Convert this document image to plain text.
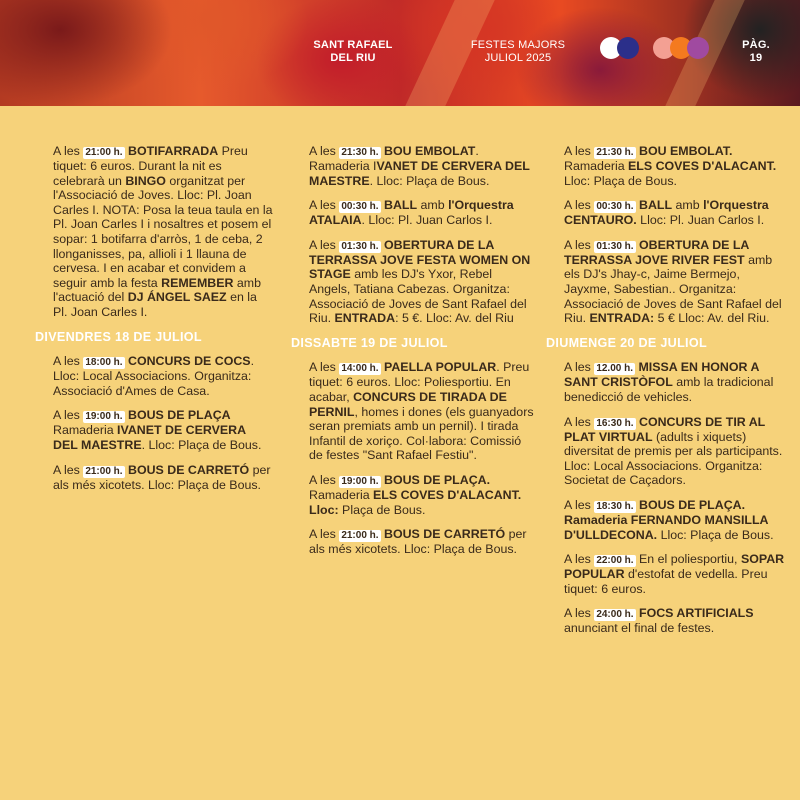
SANT RAFAEL
DEL RIU
FESTES MAJORS
JULIOL 2025
PÀG.
19
A les 21:00 h. BOTIFARRADA Preu tiquet: 6 euros. Durant la nit es celebrarà un BINGO organitzat per l'Associació de Joves. Lloc: Pl. Joan Carles I. NOTA: Posa la teua taula en la Pl. Joan Carles I i nosaltres et posem el sopar: 1 botifarra d'arròs, 1 de ceba, 2 llonganisses, pa, allioli i 1 llauna de cervesa. I en acabar et convidem a seguir amb la festa REMEMBER amb l'actuació del DJ ÁNGEL SAEZ en la Pl. Joan Carles I.
DIVENDRES 18 DE JULIOL
A les 18:00 h. CONCURS DE COCS. Lloc: Local Associacions. Organitza: Associació d'Ames de Casa.
A les 19:00 h. BOUS DE PLAÇA Ramaderia IVANET DE CERVERA DEL MAESTRE. Lloc: Plaça de Bous.
A les 21:00 h. BOUS DE CARRETÓ per als més xicotets. Lloc: Plaça de Bous.
A les 21:30 h. BOU EMBOLAT. Ramaderia IVANET DE CERVERA DEL MAESTRE. Lloc: Plaça de Bous.
A les 00:30 h. BALL amb l'Orquestra ATALAIA. Lloc: Pl. Juan Carlos I.
A les 01:30 h. OBERTURA DE LA TERRASSA JOVE FESTA WOMEN ON STAGE amb les DJ's Yxor, Rebel Angels, Tatiana Cabezas. Organitza: Associació de Joves de Sant Rafael del Riu. ENTRADA: 5 €. Lloc: Av. del Riu
DISSABTE 19 DE JULIOL
A les 14:00 h. PAELLA POPULAR. Preu tiquet: 6 euros. Lloc: Poliesportiu. En acabar, CONCURS DE TIRADA DE PERNIL, homes i dones (els guanyadors seran premiats amb un pernil). I tirada Infantil de xoriço. Col·labora: Comissió de festes "Sant Rafael Festiu".
A les 19:00 h. BOUS DE PLAÇA. Ramaderia ELS COVES D'ALACANT. Lloc: Plaça de Bous.
A les 21:00 h. BOUS DE CARRETÓ per als més xicotets. Lloc: Plaça de Bous.
A les 21:30 h. BOU EMBOLAT. Ramaderia ELS COVES D'ALACANT. Lloc: Plaça de Bous.
A les 00:30 h. BALL amb l'Orquestra CENTAURO. Lloc: Pl. Juan Carlos I.
A les 01:30 h. OBERTURA DE LA TERRASSA JOVE RIVER FEST amb els DJ's Jhay-c, Jaime Bermejo, Jayxme, Sabestian.. Organitza: Associació de Joves de Sant Rafael del Riu. ENTRADA: 5 € Lloc: Av. del Riu.
DIUMENGE 20 DE JULIOL
A les 12.00 h. MISSA EN HONOR A SANT CRISTÒFOL amb la tradicional benedicció de vehicles.
A les 16:30 h. CONCURS DE TIR AL PLAT VIRTUAL (adults i xiquets) diversitat de premis per als participants. Lloc: Local Associacions. Organitza: Societat de Caçadors.
A les 18:30 h. BOUS DE PLAÇA. Ramaderia FERNANDO MANSILLA D'ULLDECONA. Lloc: Plaça de Bous.
A les 22:00 h. En el poliesportiu, SOPAR POPULAR d'estofat de vedella. Preu tiquet: 6 euros.
A les 24:00 h. FOCS ARTIFICIALS anunciant el final de festes.
